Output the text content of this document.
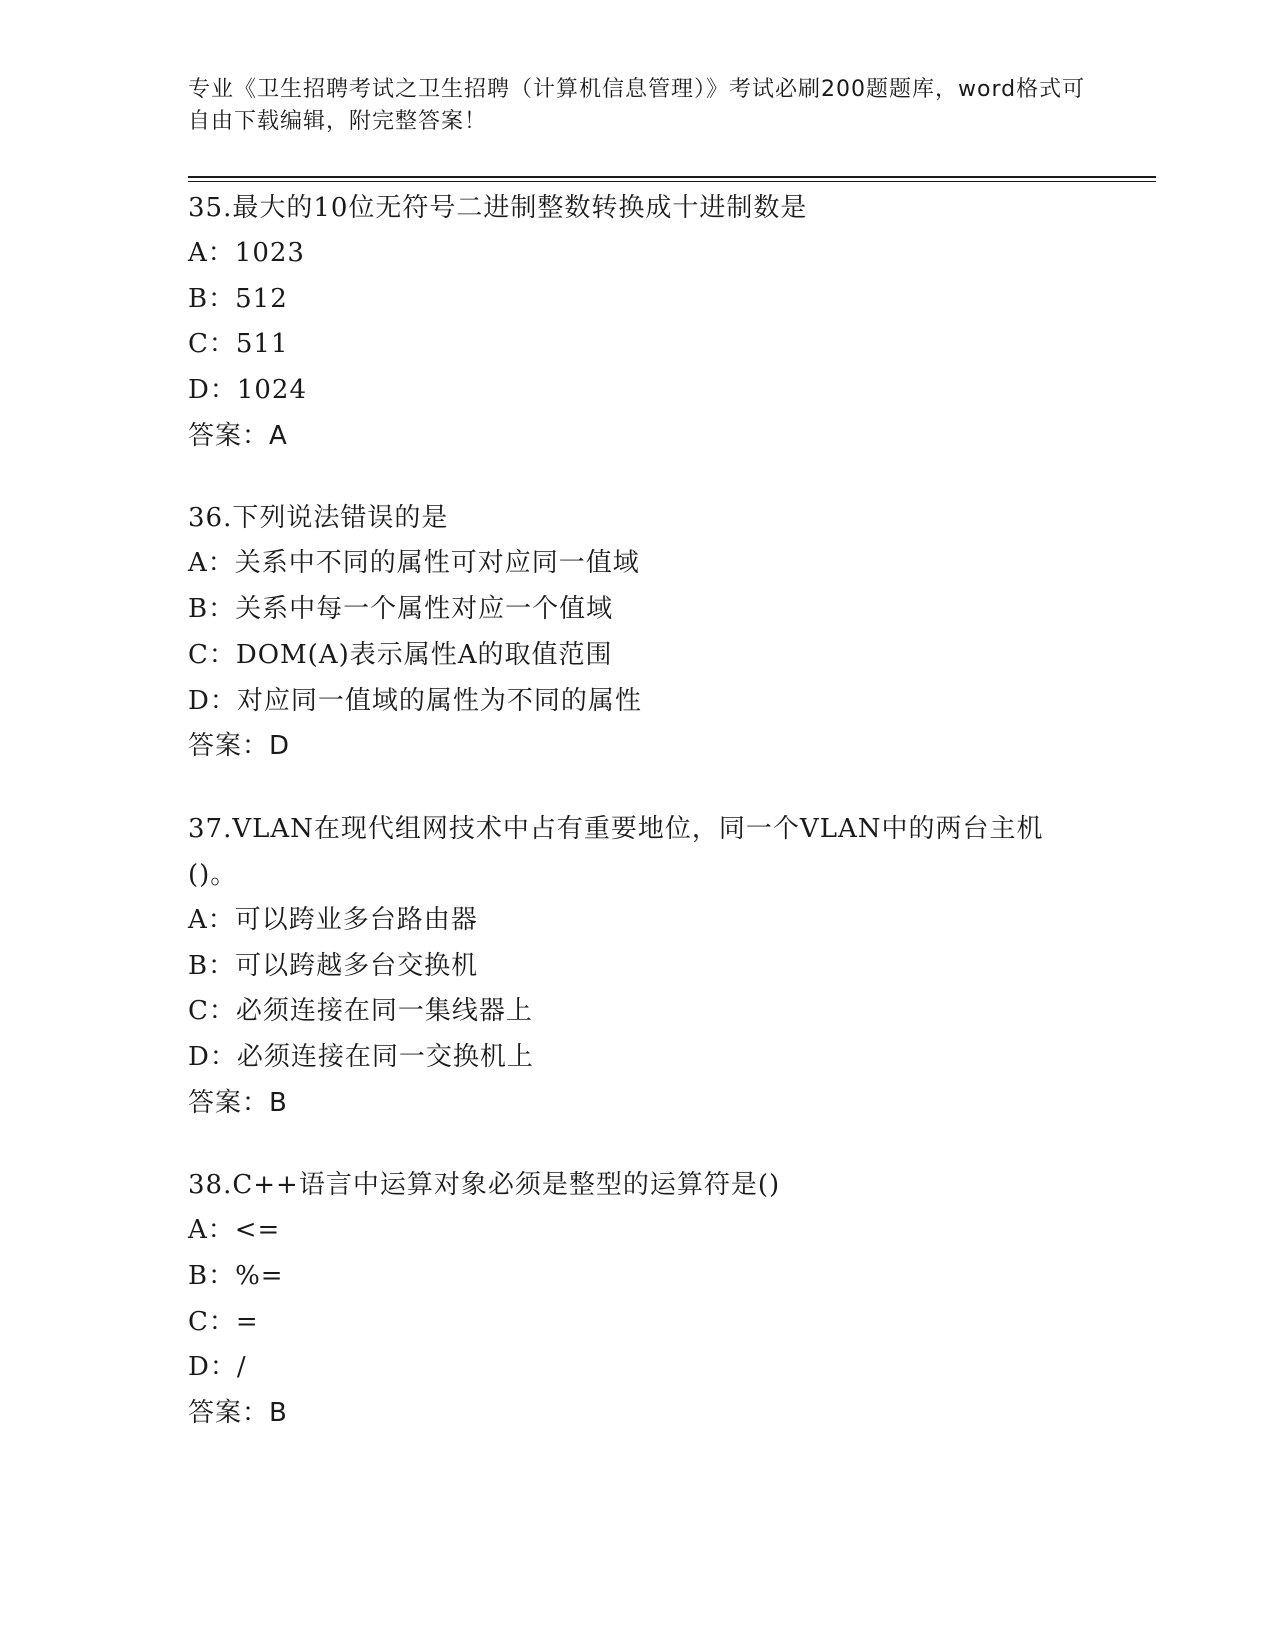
专业《卫生招聘考试之卫生招聘（计算机信息管理）》考试必刷200题题库，word格式可自由下载编辑，附完整答案！
35.最大的10位无符号二进制整数转换成十进制数是
A：1023
B：512
C：511
D：1024
答案：A
36.下列说法错误的是
A：关系中不同的属性可对应同一值域
B：关系中每一个属性对应一个值域
C：DOM(A)表示属性A的取值范围
D：对应同一值域的属性为不同的属性
答案：D
37.VLAN在现代组网技术中占有重要地位，同一个VLAN中的两台主机()。
A：可以跨业多台路由器
B：可以跨越多台交换机
C：必须连接在同一集线器上
D：必须连接在同一交换机上
答案：B
38.C++语言中运算对象必须是整型的运算符是()
A：<=
B：%=
C：=
D：/
答案：B
